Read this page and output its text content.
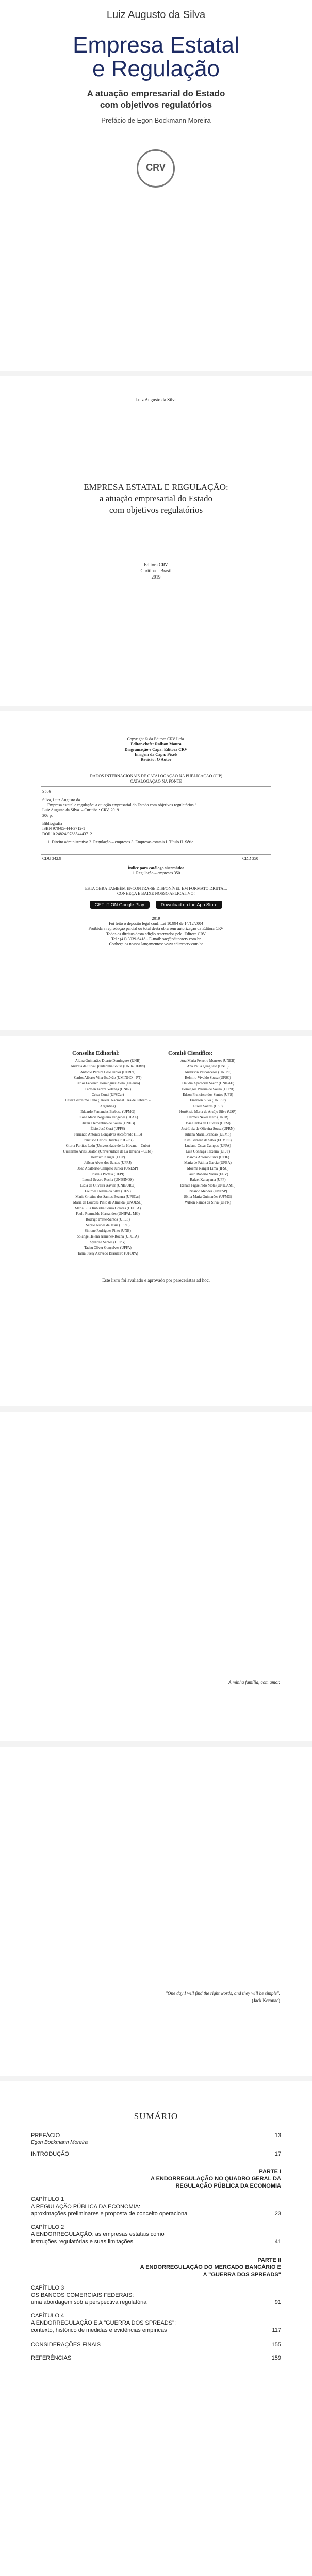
Luiz Augusto da Silva
Empresa Estatal
e Regulação
A atuação empresarial do Estado
com objetivos regulatórios
Prefácio de Egon Bockmann Moreira
CRV
Luiz Augusto da Silva
EMPRESA ESTATAL E REGULAÇÃO:
a atuação empresarial do Estado
com objetivos regulatórios
Editora CRV
Curitiba – Brasil
2019
Copyright © da Editora CRV Ltda.
Editor-chefe: Railson Moura
Diagramação e Capa: Editora CRV
Imagem da Capa: Pixels
Revisão: O Autor
DADOS INTERNACIONAIS DE CATALOGAÇÃO NA PUBLICAÇÃO (CIP)
CATALOGAÇÃO NA FONTE
S586
Silva, Luiz Augusto da.
Empresa estatal e regulação: a atuação empresarial do Estado com objetivos regulatórios /
Luiz Augusto da Silva. – Curitiba : CRV, 2019.
306 p.
Bibliografia
ISBN 978-85-444-3712-1
DOI 10.24824/978854443712.1
1. Direito administrativo 2. Regulação – empresas 3. Empresas estatais I. Título II. Série.
CDU 342.9	CDD 350
Índice para catálogo sistemático
1. Regulação – empresas 350
ESTA OBRA TAMBÉM ENCONTRA-SE DISPONÍVEL EM FORMATO DIGITAL.
CONHEÇA E BAIXE NOSSO APLICATIVO!
GET IT ON Google Play	Download on the App Store
2019
Foi feito o depósito legal conf. Lei 10.994 de 14/12/2004
Proibida a reprodução parcial ou total desta obra sem autorização da Editora CRV
Todos os direitos desta edição reservados pela: Editora CRV
Tel.: (41) 3039-6418 - E-mail: sac@editoracrv.com.br
Conheça os nossos lançamentos: www.editoracrv.com.br
Conselho Editorial:	Comitê Científico:
Aldira Guimarães Duarte Domínguez (UNB)
Andréia da Silva Quintanilha Sousa (UNIR/UFRN)
Antônio Pereira Gaio Júnior (UFRRJ)
Carlos Alberto Vilar Estêvão (UMINHO – PT)
Carlos Federico Dominguez Avila (Unieuro)
Carmen Tereza Velanga (UNIR)
Celso Conti (UFSCar)
Cesar Gerónimo Tello (Univer .Nacional Três de Febrero – Argentina)
Eduardo Fernandes Barbosa (UFMG)
Elione Maria Nogueira Diogenes (UFAL)
Elizeu Clementino de Souza (UNEB)
Élsio José Corá (UFFS)
Fernando Antônio Gonçalves Alcoforado (IPB)
Francisco Carlos Duarte (PUC-PR)
Gloria Fariñas León (Universidade de La Havana – Cuba)
Guillermo Arias Beatón (Universidade de La Havana – Cuba)
Helmuth Krüger (UCP)
Jailson Alves dos Santos (UFRJ)
João Adalberto Campato Junior (UNESP)
Josania Portela (UFPI)
Leonel Severo Rocha (UNISINOS)
Lídia de Oliveira Xavier (UNIEURO)
Lourdes Helena da Silva (UFV)
Maria Cristina dos Santos Bezerra (UFSCar)
Maria de Lourdes Pinto de Almeida (UNOESC)
Maria Lília Imbiriba Sousa Colares (UFOPA)
Paulo Romualdo Hernandes (UNIFAL-MG)
Rodrigo Pratte-Santos (UFES)
Sérgio Nunes de Jesus (IFRO)
Simone Rodrigues Pinto (UNB)
Solange Helena Ximenes-Rocha (UFOPA)
Sydione Santos (UEPG)
Tadeu Oliver Gonçalves (UFPA)
Tania Suely Azevedo Brasileiro (UFOPA)
Ana Maria Ferreira Menezes (UNEB)
Ana Paula Quagliato (UNIP)
Anderson Vasconcelos (UNIPE)
Belmiro Vivaldo Sousa (UFSC)
Cláudia Aparecida Saenz (UNIFAE)
Domingos Pereira de Souza (UFPB)
Edson Francisco dos Santos (UFS)
Emerson Silva (UNESP)
Gisele Soares (USP)
Hortênsia Maria de Araújo Silva (USP)
Hermes Neves Neto (UNIR)
José Carlos de Oliveira (UEM)
José Luiz de Oliveira Sousa (UFRN)
Juliana Maria Brandão (UEMS)
Kim Bernard da Silva (FUMEC)
Luciano Oscar Campos (UFPA)
Luiz Gonzaga Teixeira (UFJF)
Marcos Antonio Silva (UFJF)
Maria de Fátima Garcia (UFBA)
Moema Rangel Lima (IFSC)
Paulo Roberto Vieira (FGV)
Rafael Kanayama (UFF)
Renata Figueiredo Mota (UNICAMP)
Ricardo Mendes (UNESP)
Sônia Maria Guimarães (UFMG)
Wilson Ramos da Silva (UFPR)
Este livro foi avaliado e aprovado por pareceristas ad hoc.
A minha família, com amor.
"One day I will find the right words, and they will be simple".
(Jack Kerouac)
SUMÁRIO
PREFÁCIO	13
Egon Bockmann Moreira
INTRODUÇÃO	17
PARTE I
A ENDORREGULAÇÃO NO QUADRO GERAL DA
REGULAÇÃO PÚBLICA DA ECONOMIA
CAPÍTULO 1
A REGULAÇÃO PÚBLICA DA ECONOMIA:
aproximações preliminares e proposta de conceito operacional	23
CAPÍTULO 2
A ENDORREGULAÇÃO: as empresas estatais como
instruções regulatórias e suas limitações	41
PARTE II
A ENDORREGULAÇÃO DO MERCADO BANCÁRIO E
A "GUERRA DOS SPREADS"
CAPÍTULO 3
OS BANCOS COMERCIAIS FEDERAIS:
uma abordagem sob a perspectiva regulatória	91
CAPÍTULO 4
A ENDORREGULAÇÃO E A "GUERRA DOS SPREADS":
contexto, histórico de medidas e evidências empíricas	117
CONSIDERAÇÕES FINAIS	155
REFERÊNCIAS	159
